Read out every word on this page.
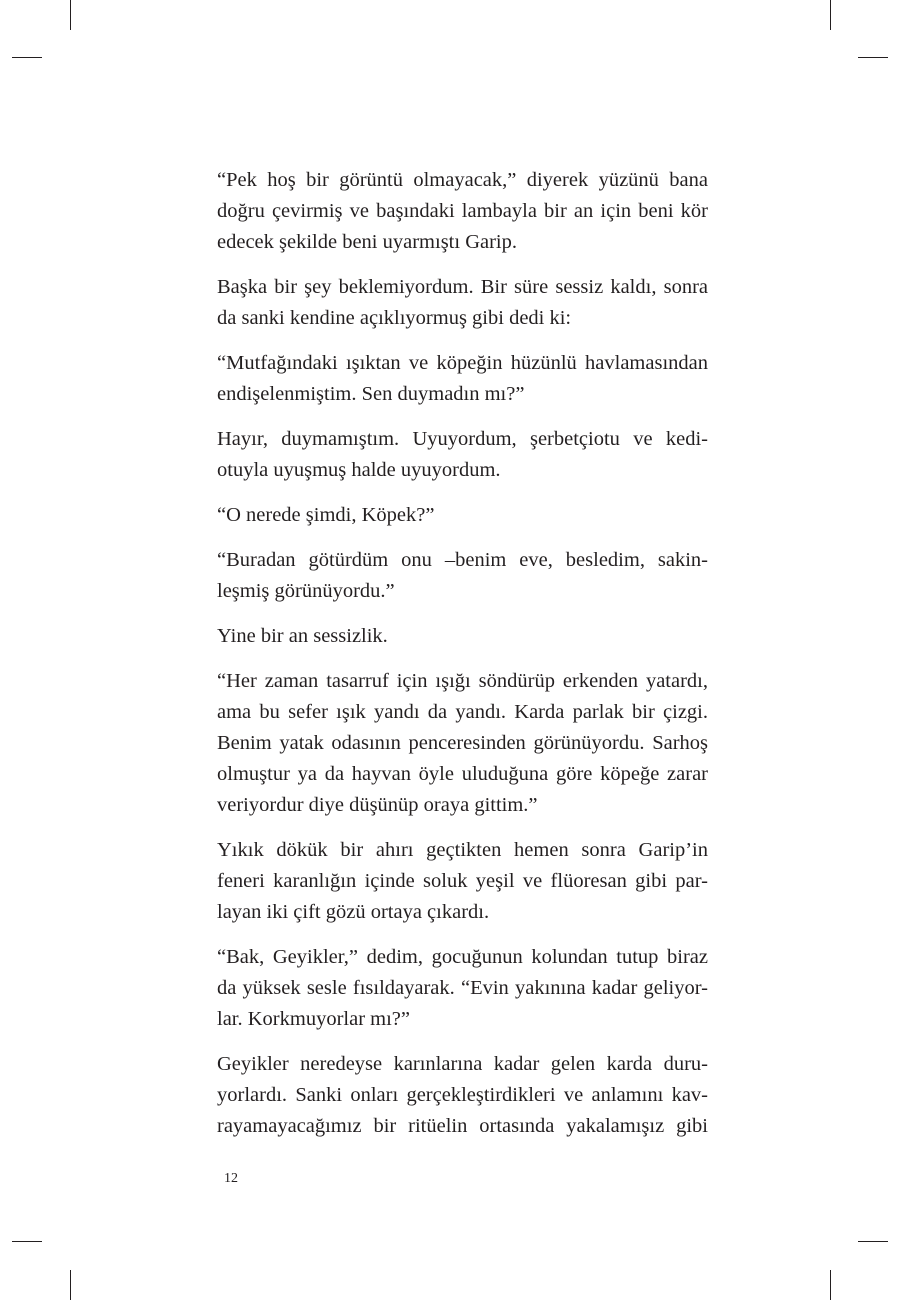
“Pek hoş bir görüntü olmayacak,” diyerek yüzünü bana
doğru çevirmiş ve başındaki lambayla bir an için beni kör
edecek şekilde beni uyarmıştı Garip.

Başka bir şey beklemiyordum. Bir süre sessiz kaldı, sonra
da sanki kendine açıklıyormuş gibi dedi ki:

“Mutfağındaki ışıktan ve köpeğin hüzünlü havlamasından
endişelenmiştim. Sen duymadın mı?”

Hayır, duymamıştım. Uyuyordum, şerbetçiotu ve kedi-
otuyla uyuşmuş halde uyuyordum.

“O nerede şimdi, Köpek?”

“Buradan götürdüm onu –benim eve, besledim, sakin-
leşmiş görünüyordu.”

Yine bir an sessizlik.

“Her zaman tasarruf için ışığı söndürüp erkenden yatardı,
ama bu sefer ışık yandı da yandı. Karda parlak bir çizgi.
Benim yatak odasının penceresinden görünüyordu. Sarhoş
olmuştur ya da hayvan öyle uluduğuna göre köpeğe zarar
veriyordur diye düşünüp oraya gittim.”

Yıkık dökük bir ahırı geçtikten hemen sonra Garip’in
feneri karanlığın içinde soluk yeşil ve flüoresan gibi par-
layan iki çift gözü ortaya çıkardı.

“Bak, Geyikler,” dedim, gocuğunun kolundan tutup biraz
da yüksek sesle fısıldayarak. “Evin yakınına kadar geliyor-
lar. Korkmuyorlar mı?”

Geyikler neredeyse karınlarına kadar gelen karda duru-
yorlardı. Sanki onları gerçekleştirdikleri ve anlamını kav-
rayamayacağımız bir ritüelin ortasında yakalamışız gibi

12
